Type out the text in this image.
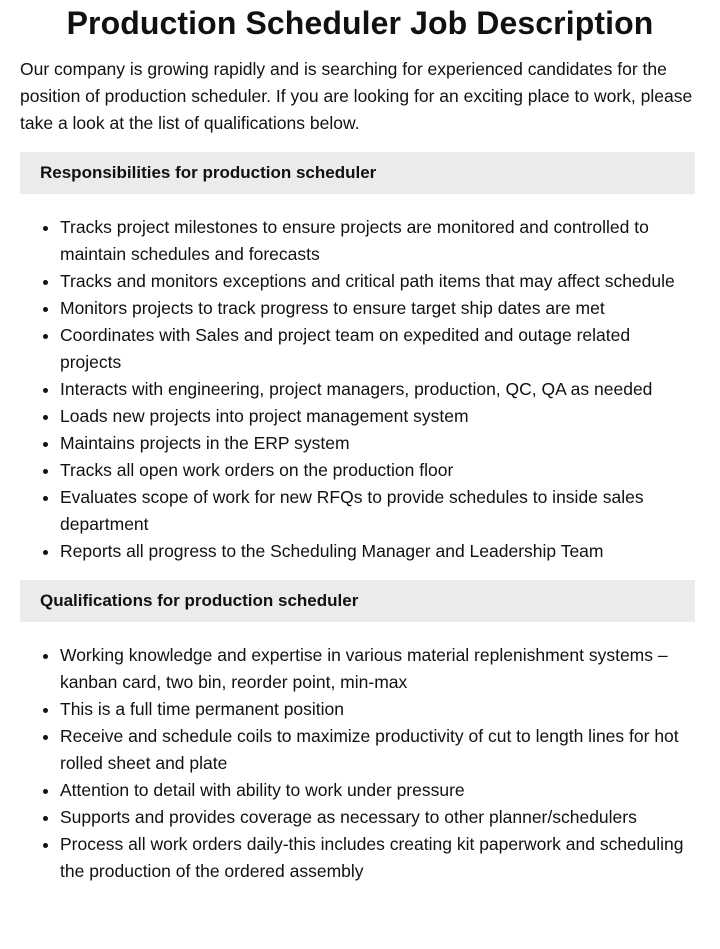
Production Scheduler Job Description

Our company is growing rapidly and is searching for experienced candidates for the position of production scheduler. If you are looking for an exciting place to work, please take a look at the list of qualifications below.

Responsibilities for production scheduler
• Tracks project milestones to ensure projects are monitored and controlled to maintain schedules and forecasts
• Tracks and monitors exceptions and critical path items that may affect schedule
• Monitors projects to track progress to ensure target ship dates are met
• Coordinates with Sales and project team on expedited and outage related projects
• Interacts with engineering, project managers, production, QC, QA as needed
• Loads new projects into project management system
• Maintains projects in the ERP system
• Tracks all open work orders on the production floor
• Evaluates scope of work for new RFQs to provide schedules to inside sales department
• Reports all progress to the Scheduling Manager and Leadership Team
Qualifications for production scheduler
• Working knowledge and expertise in various material replenishment systems – kanban card, two bin, reorder point, min-max
• This is a full time permanent position
• Receive and schedule coils to maximize productivity of cut to length lines for hot rolled sheet and plate
• Attention to detail with ability to work under pressure
• Supports and provides coverage as necessary to other planner/schedulers
• Process all work orders daily-this includes creating kit paperwork and scheduling the production of the ordered assembly
